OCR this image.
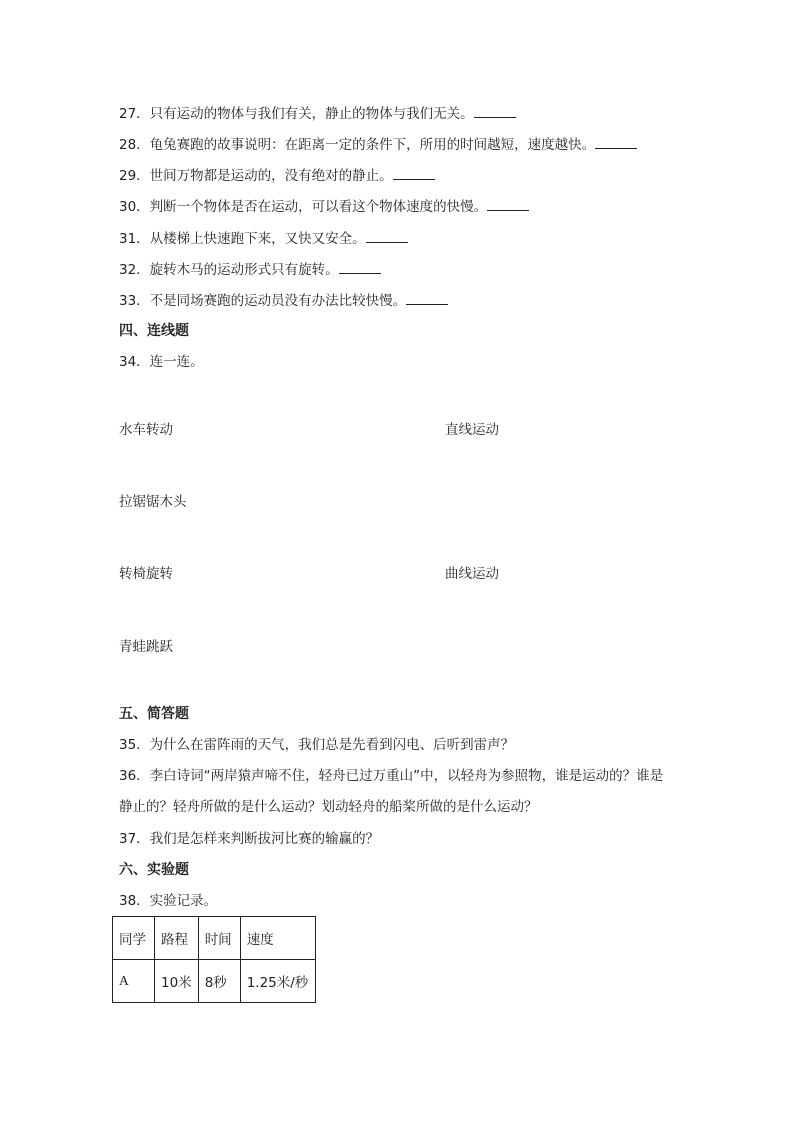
27．只有运动的物体与我们有关，静止的物体与我们无关。
28．龟兔赛跑的故事说明：在距离一定的条件下，所用的时间越短，速度越快。
29．世间万物都是运动的，没有绝对的静止。
30．判断一个物体是否在运动，可以看这个物体速度的快慢。
31．从楼梯上快速跑下来，又快又安全。
32．旋转木马的运动形式只有旋转。
33．不是同场赛跑的运动员没有办法比较快慢。
四、连线题
34．连一连。
水车转动	直线运动
拉锯锯木头
转椅旋转	曲线运动
青蛙跳跃
五、简答题
35．为什么在雷阵雨的天气，我们总是先看到闪电、后听到雷声？
36．李白诗词“两岸猿声啼不住，轻舟已过万重山”中，以轻舟为参照物，谁是运动的？谁是
静止的？轻舟所做的是什么运动？划动轻舟的船桨所做的是什么运动？
37．我们是怎样来判断拔河比赛的输赢的？
六、实验题
38．实验记录。
同学	路程	时间	速度
A	10米	8秒	1.25米/秒
